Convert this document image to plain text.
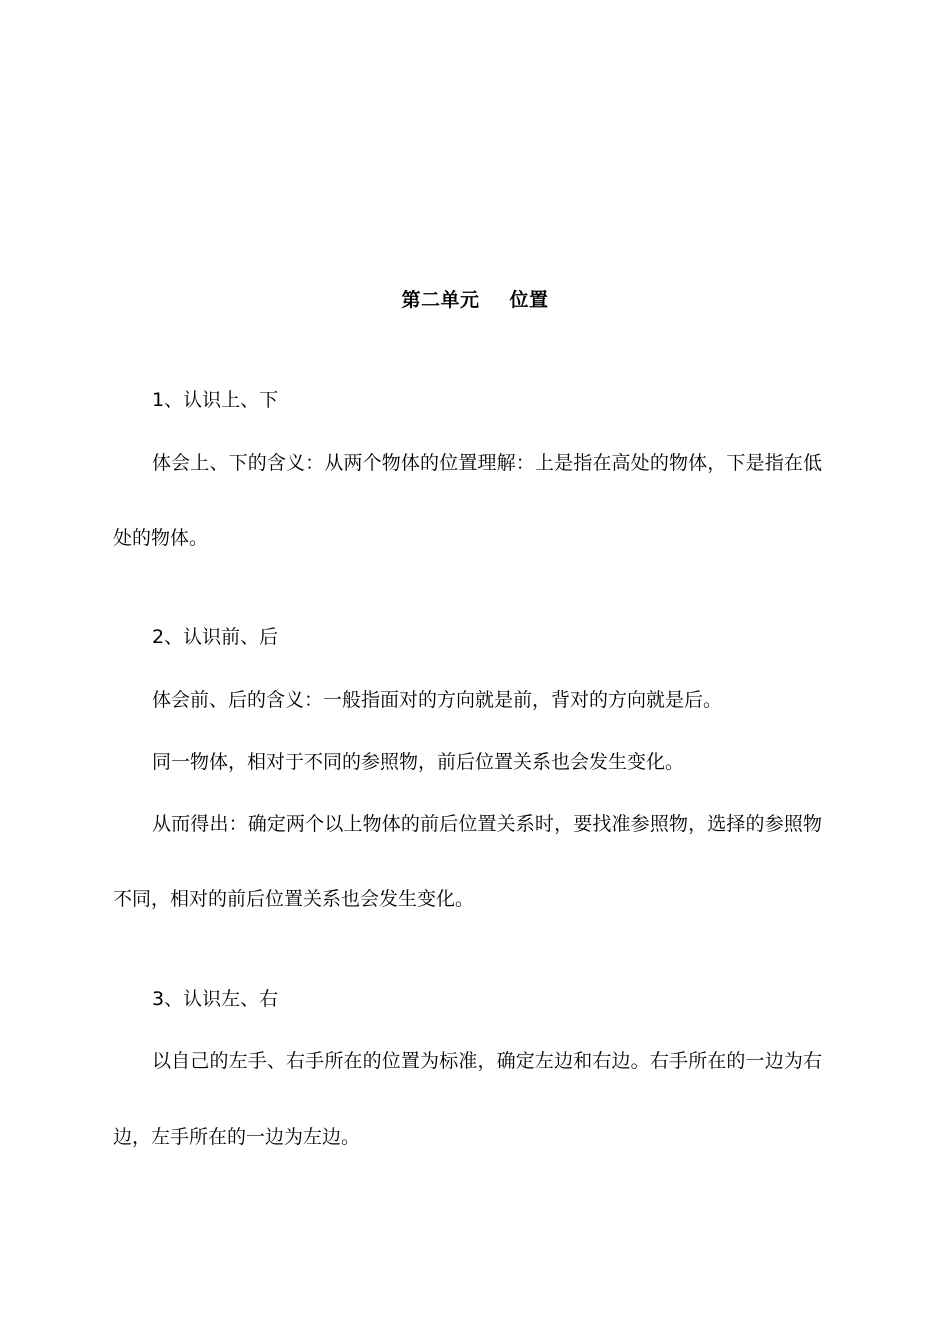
第二单元 位置
1、认识上、下
体会上、下的含义：从两个物体的位置理解：上是指在高处的物体，下是指在低
处的物体。
2、认识前、后
体会前、后的含义：一般指面对的方向就是前，背对的方向就是后。
同一物体，相对于不同的参照物，前后位置关系也会发生变化。
从而得出：确定两个以上物体的前后位置关系时，要找准参照物，选择的参照物
不同，相对的前后位置关系也会发生变化。
3、认识左、右
以自己的左手、右手所在的位置为标准，确定左边和右边。右手所在的一边为右
边，左手所在的一边为左边。
